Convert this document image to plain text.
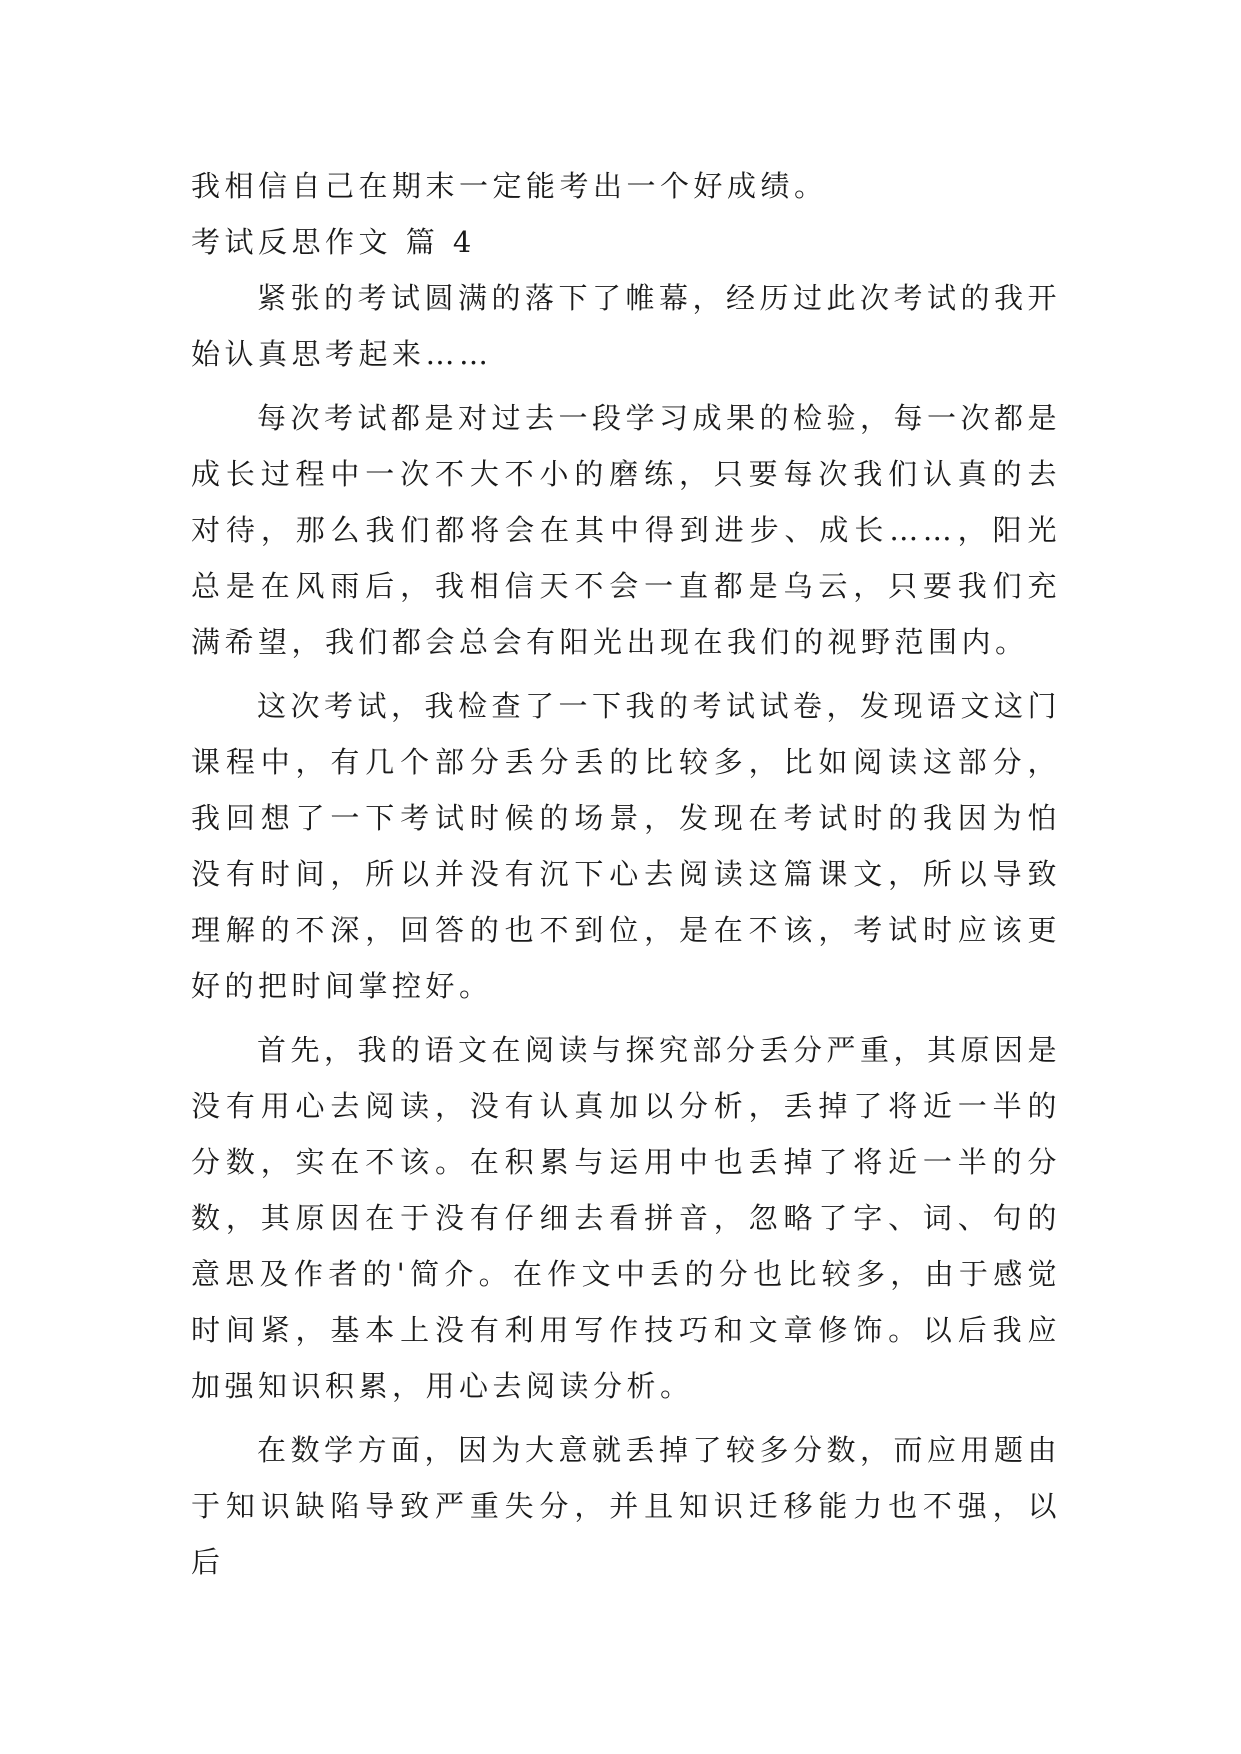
我相信自己在期末一定能考出一个好成绩。

考试反思作文 篇 4

紧张的考试圆满的落下了帷幕，经历过此次考试的我开始认真思考起来……

每次考试都是对过去一段学习成果的检验，每一次都是成长过程中一次不大不小的磨练，只要每次我们认真的去对待，那么我们都将会在其中得到进步、成长……，阳光总是在风雨后，我相信天不会一直都是乌云，只要我们充满希望，我们都会总会有阳光出现在我们的视野范围内。

这次考试，我检查了一下我的考试试卷，发现语文这门课程中，有几个部分丢分丢的比较多，比如阅读这部分，我回想了一下考试时候的场景，发现在考试时的我因为怕没有时间，所以并没有沉下心去阅读这篇课文，所以导致理解的不深，回答的也不到位，是在不该，考试时应该更好的把时间掌控好。

首先，我的语文在阅读与探究部分丢分严重，其原因是没有用心去阅读，没有认真加以分析，丢掉了将近一半的分数，实在不该。在积累与运用中也丢掉了将近一半的分数，其原因在于没有仔细去看拼音，忽略了字、词、句的意思及作者的'简介。在作文中丢的分也比较多，由于感觉时间紧，基本上没有利用写作技巧和文章修饰。以后我应加强知识积累，用心去阅读分析。

在数学方面，因为大意就丢掉了较多分数，而应用题由于知识缺陷导致严重失分，并且知识迁移能力也不强，以后
